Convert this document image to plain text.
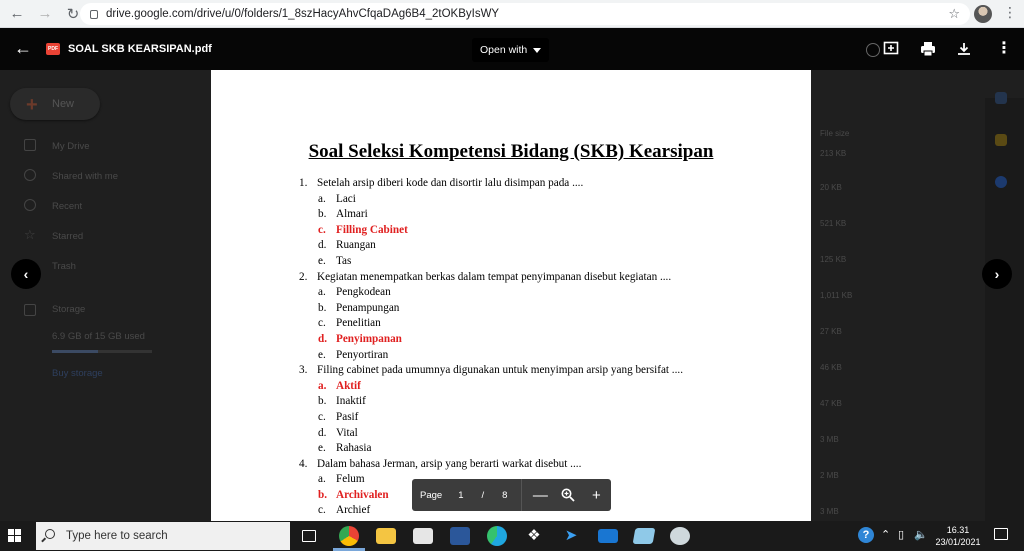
← → ↻	drive.google.com/drive/u/0/folders/1_8szHacyAhvCfqaDAg6B4_2tOKByIsWY	☆	⋮
+ New
My Drive
Shared with me
Recent
☆ Starred
Trash
Storage
6.9 GB of 15 GB used
Buy storage
File size
213 KB
20 KB
521 KB
125 KB
1,011 KB
27 KB
46 KB
47 KB
3 MB
2 MB
3 MB
←	PDF SOAL SKB KEARSIPAN.pdf	Open with	⋮
Soal Seleksi Kompetensi Bidang (SKB) Kearsipan
1. Setelah arsip diberi kode dan disortir lalu disimpan pada ....
a. Laci
b. Almari
c. Filling Cabinet
d. Ruangan
e. Tas
2. Kegiatan menempatkan berkas dalam tempat penyimpanan disebut kegiatan ....
a. Pengkodean
b. Penampungan
c. Penelitian
d. Penyimpanan
e. Penyortiran
3. Filing cabinet pada umumnya digunakan untuk menyimpan arsip yang bersifat ....
a. Aktif
b. Inaktif
c. Pasif
d. Vital
e. Rahasia
4. Dalam bahasa Jerman, arsip yang berarti warkat disebut ....
a. Felum
b. Archivalen
c. Archief
‹	›
Page 1 / 8	—	+
Type here to search	❖ ➤	?	⌃ ▯ 🔈	16.31
23/01/2021
